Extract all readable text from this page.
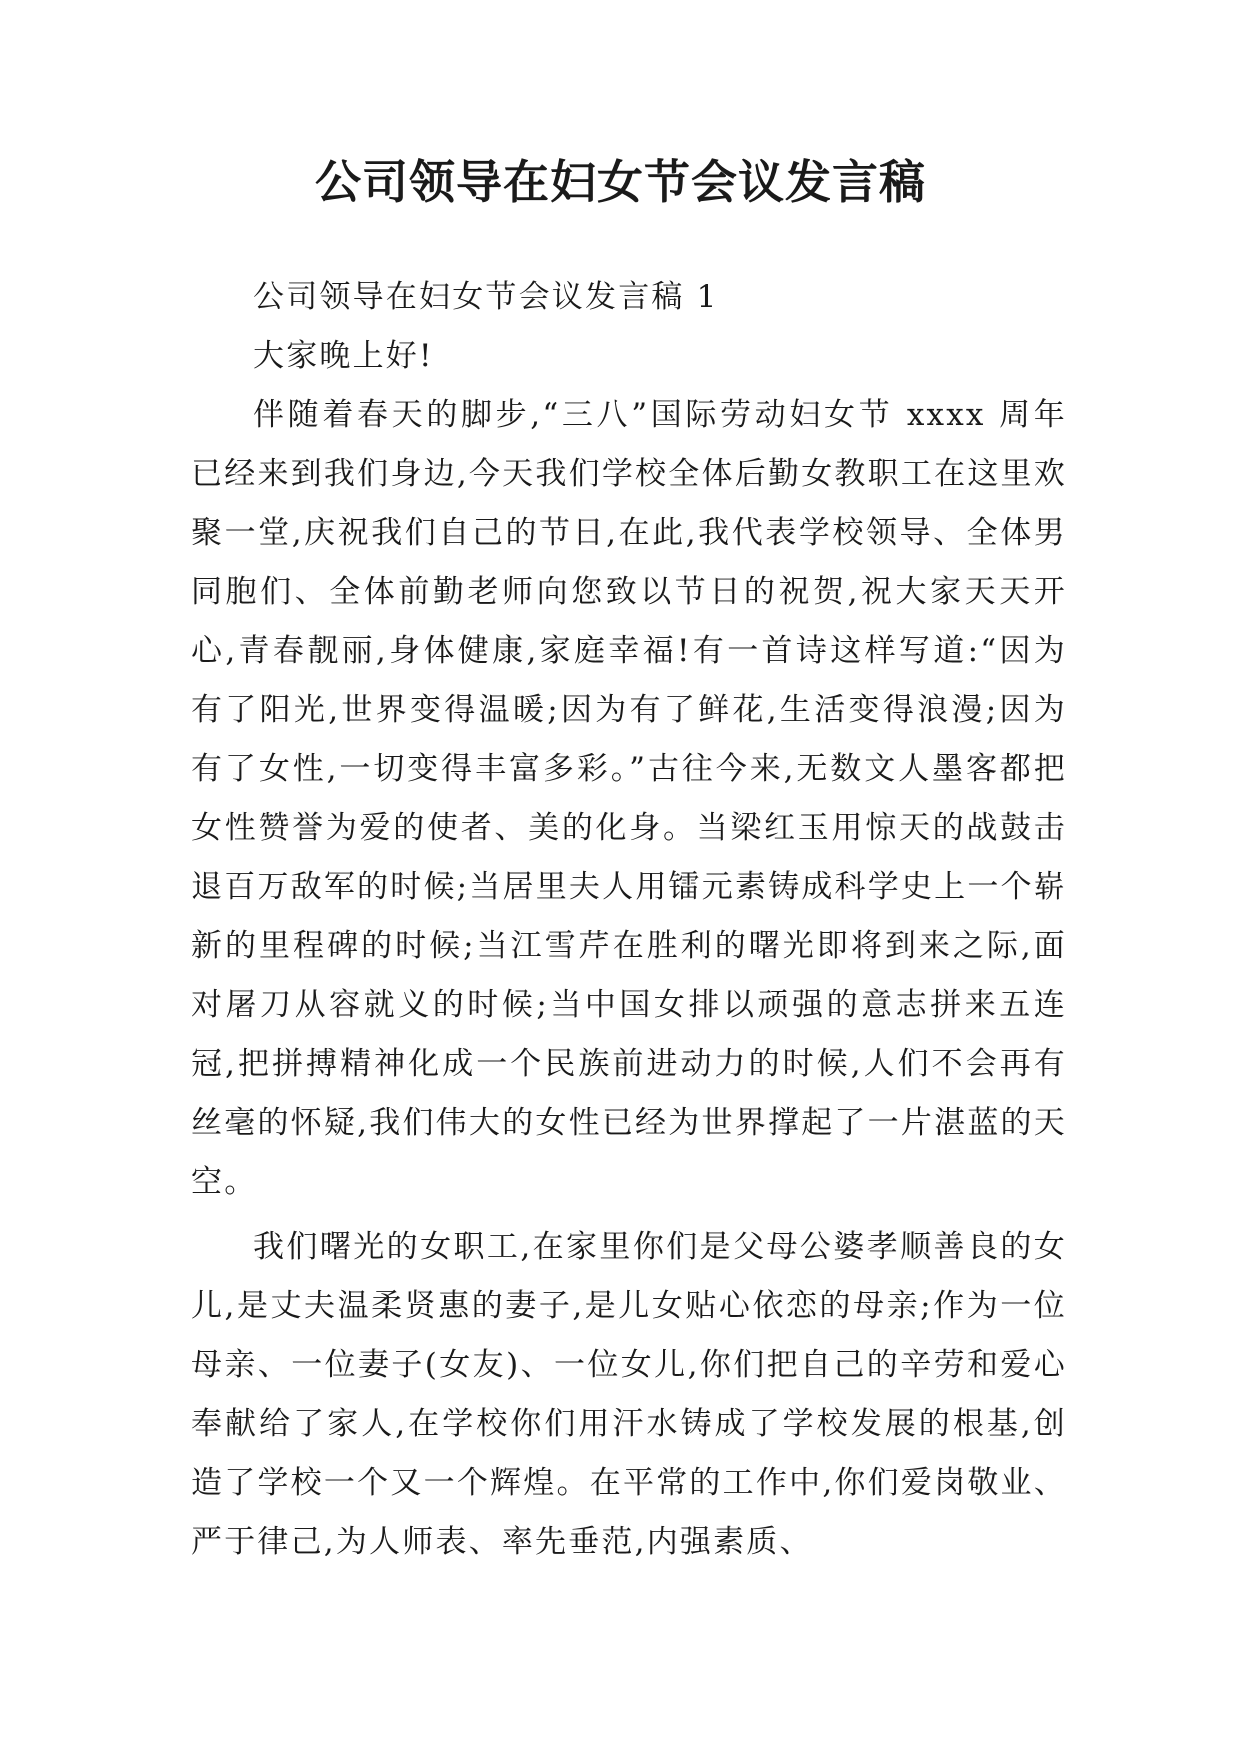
公司领导在妇女节会议发言稿

公司领导在妇女节会议发言稿 1

大家晚上好!

伴随着春天的脚步,“三八”国际劳动妇女节 xxxx 周年已经来到我们身边,今天我们学校全体后勤女教职工在这里欢聚一堂,庆祝我们自己的节日,在此,我代表学校领导、全体男同胞们、全体前勤老师向您致以节日的祝贺,祝大家天天开心,青春靓丽,身体健康,家庭幸福!有一首诗这样写道:“因为有了阳光,世界变得温暖;因为有了鲜花,生活变得浪漫;因为有了女性,一切变得丰富多彩。”古往今来,无数文人墨客都把女性赞誉为爱的使者、美的化身。当梁红玉用惊天的战鼓击退百万敌军的时候;当居里夫人用镭元素铸成科学史上一个崭新的里程碑的时候;当江雪芹在胜利的曙光即将到来之际,面对屠刀从容就义的时候;当中国女排以顽强的意志拼来五连冠,把拼搏精神化成一个民族前进动力的时候,人们不会再有丝毫的怀疑,我们伟大的女性已经为世界撑起了一片湛蓝的天空。

我们曙光的女职工,在家里你们是父母公婆孝顺善良的女儿,是丈夫温柔贤惠的妻子,是儿女贴心依恋的母亲;作为一位母亲、一位妻子(女友)、一位女儿,你们把自己的辛劳和爱心奉献给了家人,在学校你们用汗水铸成了学校发展的根基,创造了学校一个又一个辉煌。在平常的工作中,你们爱岗敬业、严于律己,为人师表、率先垂范,内强素质、
